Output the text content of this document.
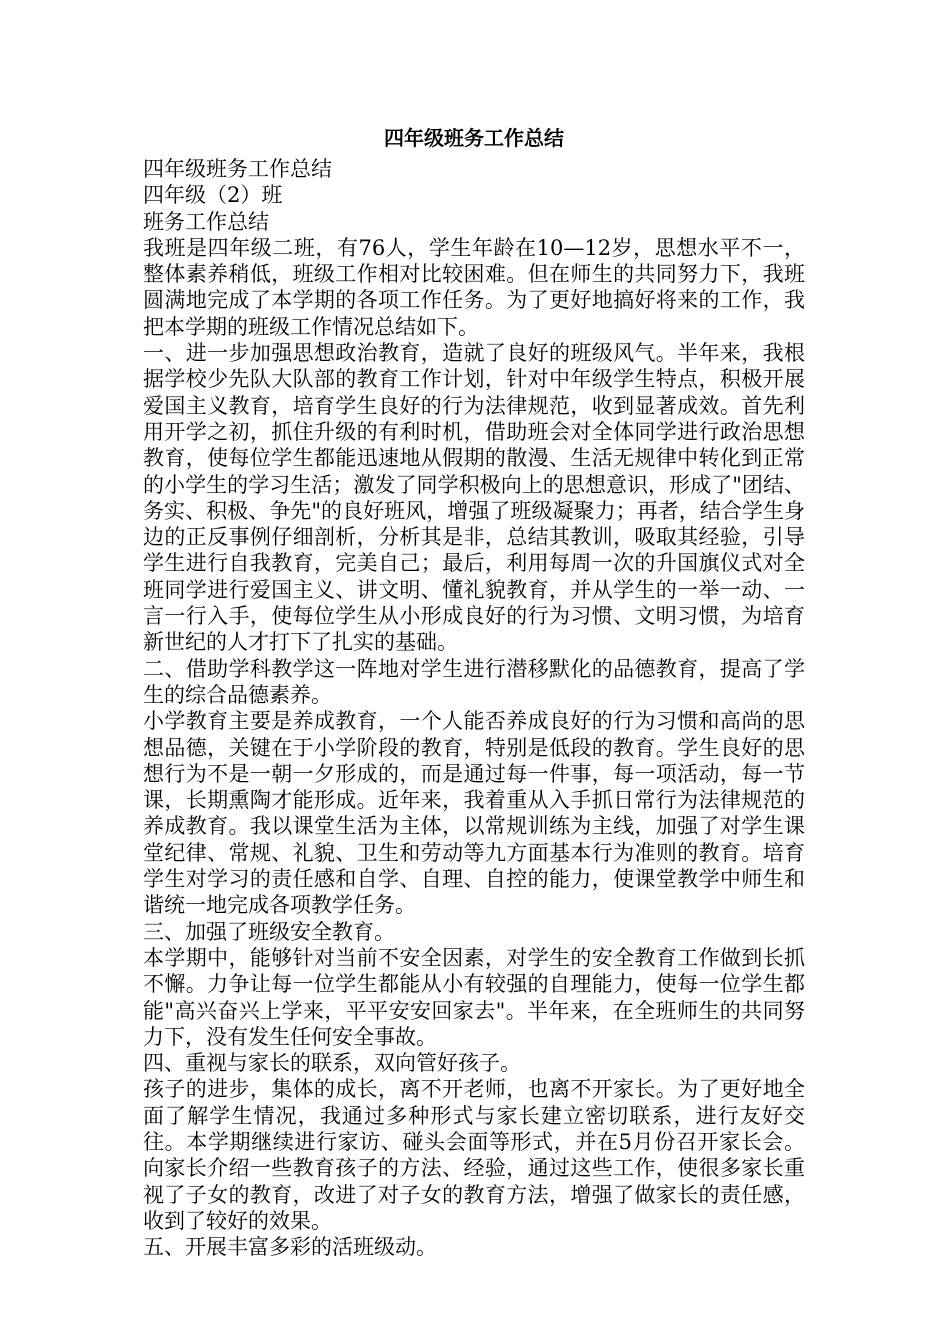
四年级班务工作总结

四年级班务工作总结

四年级（2）班

班务工作总结

我班是四年级二班，有76人，学生年龄在10—12岁，思想水平不一，整体素养稍低，班级工作相对比较困难。但在师生的共同努力下，我班圆满地完成了本学期的各项工作任务。为了更好地搞好将来的工作，我把本学期的班级工作情况总结如下。

一、进一步加强思想政治教育，造就了良好的班级风气。半年来，我根据学校少先队大队部的教育工作计划，针对中年级学生特点，积极开展爱国主义教育，培育学生良好的行为法律规范，收到显著成效。首先利用开学之初，抓住升级的有利时机，借助班会对全体同学进行政治思想教育，使每位学生都能迅速地从假期的散漫、生活无规律中转化到正常的小学生的学习生活；激发了同学积极向上的思想意识，形成了"团结、务实、积极、争先"的良好班风，增强了班级凝聚力；再者，结合学生身边的正反事例仔细剖析，分析其是非，总结其教训，吸取其经验，引导学生进行自我教育，完美自己；最后，利用每周一次的升国旗仪式对全班同学进行爱国主义、讲文明、懂礼貌教育，并从学生的一举一动、一言一行入手，使每位学生从小形成良好的行为习惯、文明习惯，为培育新世纪的人才打下了扎实的基础。

二、借助学科教学这一阵地对学生进行潜移默化的品德教育，提高了学生的综合品德素养。

小学教育主要是养成教育，一个人能否养成良好的行为习惯和高尚的思想品德，关键在于小学阶段的教育，特别是低段的教育。学生良好的思想行为不是一朝一夕形成的，而是通过每一件事，每一项活动，每一节课，长期熏陶才能形成。近年来，我着重从入手抓日常行为法律规范的养成教育。我以课堂生活为主体，以常规训练为主线，加强了对学生课堂纪律、常规、礼貌、卫生和劳动等九方面基本行为准则的教育。培育学生对学习的责任感和自学、自理、自控的能力，使课堂教学中师生和谐统一地完成各项教学任务。

三、加强了班级安全教育。

本学期中，能够针对当前不安全因素，对学生的安全教育工作做到长抓不懈。力争让每一位学生都能从小有较强的自理能力，使每一位学生都能"高兴奋兴上学来，平平安安回家去"。半年来，在全班师生的共同努力下，没有发生任何安全事故。

四、重视与家长的联系，双向管好孩子。

孩子的进步，集体的成长，离不开老师，也离不开家长。为了更好地全面了解学生情况，我通过多种形式与家长建立密切联系，进行友好交往。本学期继续进行家访、碰头会面等形式，并在5月份召开家长会。向家长介绍一些教育孩子的方法、经验，通过这些工作，使很多家长重视了子女的教育，改进了对子女的教育方法，增强了做家长的责任感，收到了较好的效果。

五、开展丰富多彩的活班级动。
